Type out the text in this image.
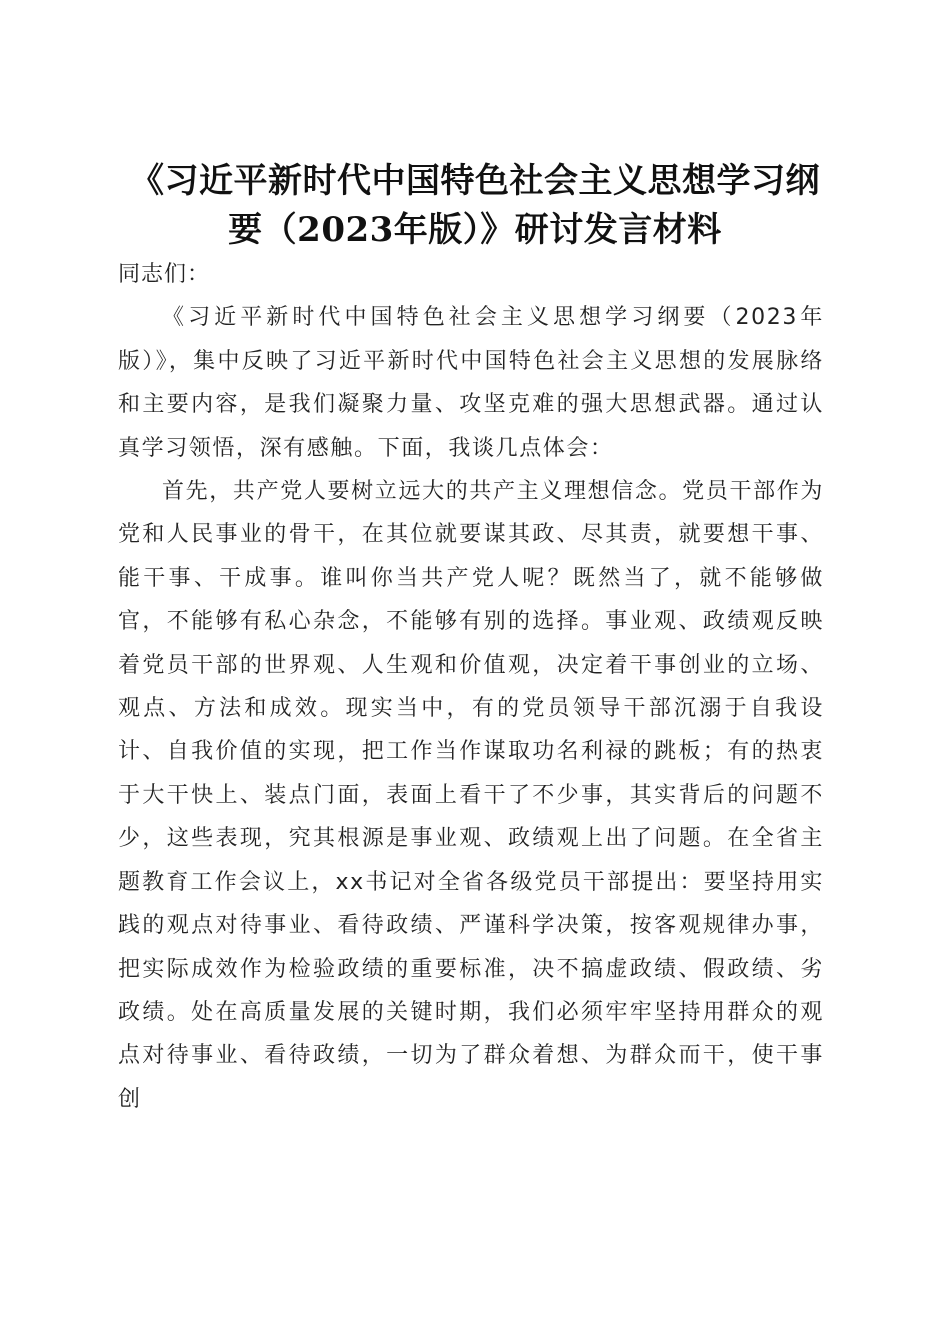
《习近平新时代中国特色社会主义思想学习纲
要（2023年版）》研讨发言材料

同志们：

《习近平新时代中国特色社会主义思想学习纲要（2023年版）》，集中反映了习近平新时代中国特色社会主义思想的发展脉络和主要内容，是我们凝聚力量、攻坚克难的强大思想武器。通过认真学习领悟，深有感触。下面，我谈几点体会：

首先，共产党人要树立远大的共产主义理想信念。党员干部作为党和人民事业的骨干，在其位就要谋其政、尽其责，就要想干事、能干事、干成事。谁叫你当共产党人呢？既然当了，就不能够做官，不能够有私心杂念，不能够有别的选择。事业观、政绩观反映着党员干部的世界观、人生观和价值观，决定着干事创业的立场、观点、方法和成效。现实当中，有的党员领导干部沉溺于自我设计、自我价值的实现，把工作当作谋取功名利禄的跳板；有的热衷于大干快上、装点门面，表面上看干了不少事，其实背后的问题不少，这些表现，究其根源是事业观、政绩观上出了问题。在全省主题教育工作会议上，xx书记对全省各级党员干部提出：要坚持用实践的观点对待事业、看待政绩、严谨科学决策，按客观规律办事，把实际成效作为检验政绩的重要标准，决不搞虚政绩、假政绩、劣政绩。处在高质量发展的关键时期，我们必须牢牢坚持用群众的观点对待事业、看待政绩，一切为了群众着想、为群众而干，使干事创
